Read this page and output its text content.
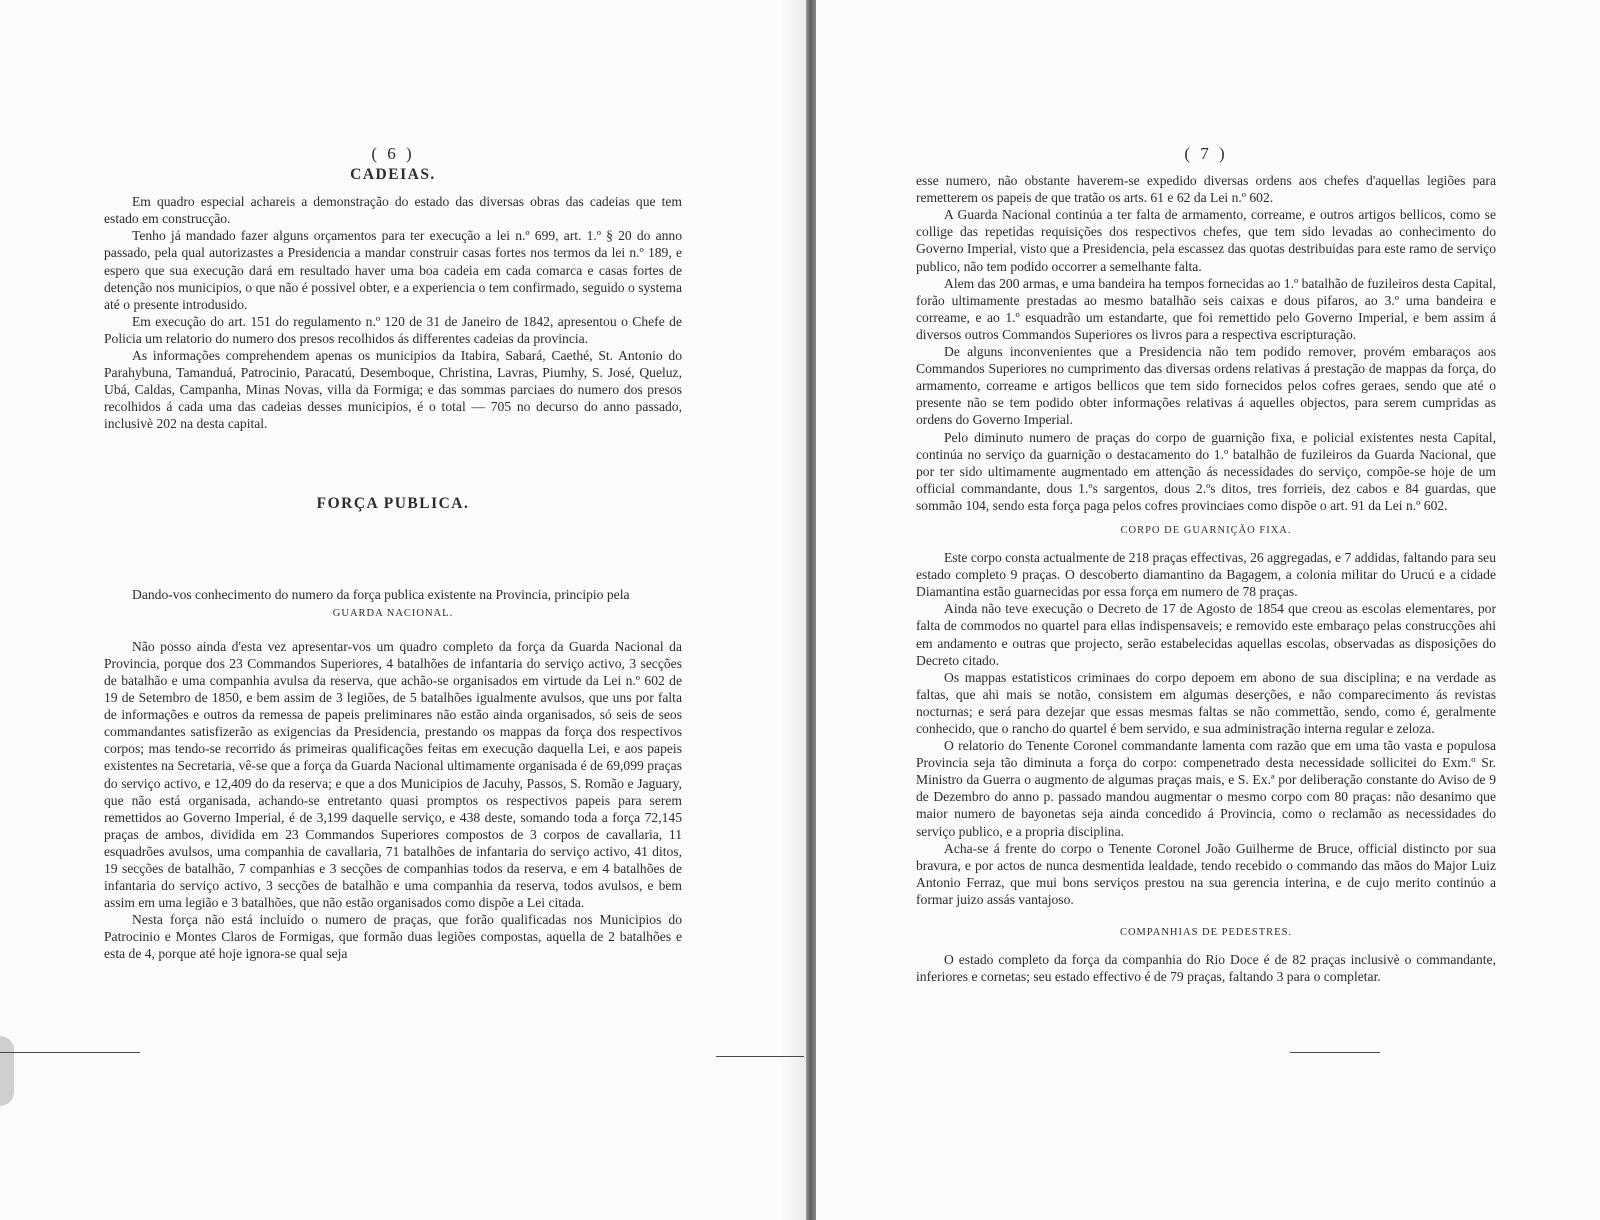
( 6 )
CADEIAS.

Em quadro especial achareis a demonstração do estado das diversas obras das cadeias que tem estado em construcção.

Tenho já mandado fazer alguns orçamentos para ter execução a lei n.º 699, art. 1.º § 20 do anno passado, pela qual autorizastes a Presidencia a mandar construir casas fortes nos termos da lei n.º 189, e espero que sua execução dará em resultado haver uma boa cadeia em cada comarca e casas fortes de detenção nos municipios, o que não é possivel obter, e a experiencia o tem confirmado, seguido o systema até o presente introdusido.

Em execução do art. 151 do regulamento n.º 120 de 31 de Janeiro de 1842, apresentou o Chefe de Policia um relatorio do numero dos presos recolhidos ás differentes cadeias da provincia.

As informações comprehendem apenas os municipios da Itabira, Sabará, Caethé, St. Antonio do Parahybuna, Tamanduá, Patrocinio, Paracatú, Desemboque, Christina, Lavras, Piumhy, S. José, Queluz, Ubá, Caldas, Campanha, Minas Novas, villa da Formiga; e das sommas parciaes do numero dos presos recolhidos á cada uma das cadeias desses municipios, é o total — 705 no decurso do anno passado, inclusivè 202 na desta capital.

FORÇA PUBLICA.

Dando-vos conhecimento do numero da força publica existente na Provincia, principio pela

GUARDA NACIONAL.

Não posso ainda d'esta vez apresentar-vos um quadro completo da força da Guarda Nacional da Provincia, porque dos 23 Commandos Superiores, 4 batalhões de infantaria do serviço activo, 3 secções de batalhão e uma companhia avulsa da reserva, que achão-se organisados em virtude da Lei n.º 602 de 19 de Setembro de 1850, e bem assim de 3 legiões, de 5 batalhões igualmente avulsos, que uns por falta de informações e outros da remessa de papeis preliminares não estão ainda organisados, só seis de seos commandantes satisfizerão as exigencias da Presidencia, prestando os mappas da força dos respectivos corpos; mas tendo-se recorrido ás primeiras qualificações feitas em execução daquella Lei, e aos papeis existentes na Secretaria, vê-se que a força da Guarda Nacional ultimamente organisada é de 69,099 praças do serviço activo, e 12,409 do da reserva; e que a dos Municipios de Jacuhy, Passos, S. Romão e Jaguary, que não está organisada, achando-se entretanto quasi promptos os respectivos papeis para serem remettidos ao Governo Imperial, é de 3,199 daquelle serviço, e 438 deste, somando toda a força 72,145 praças de ambos, dividida em 23 Commandos Superiores compostos de 3 corpos de cavallaria, 11 esquadrões avulsos, uma companhia de cavallaria, 71 batalhões de infantaria do serviço activo, 41 ditos, 19 secções de batalhão, 7 companhias e 3 secções de companhias todos da reserva, e em 4 batalhões de infantaria do serviço activo, 3 secções de batalhão e uma companhia da reserva, todos avulsos, e bem assim em uma legião e 3 batalhões, que não estão organisados como dispõe a Lei citada.

Nesta força não está incluido o numero de praças, que forão qualificadas nos Municipios do Patrocinio e Montes Claros de Formigas, que formão duas legiões compostas, aquella de 2 batalhões e esta de 4, porque até hoje ignora-se qual seja

( 7 )

esse numero, não obstante haverem-se expedido diversas ordens aos chefes d'aquellas legiões para remetterem os papeis de que tratão os arts. 61 e 62 da Lei n.º 602.

A Guarda Nacional continúa a ter falta de armamento, correame, e outros artigos bellicos, como se collige das repetidas requisições dos respectivos chefes, que tem sido levadas ao conhecimento do Governo Imperial, visto que a Presidencia, pela escassez das quotas destribuidas para este ramo de serviço publico, não tem podido occorrer a semelhante falta.

Alem das 200 armas, e uma bandeira ha tempos fornecidas ao 1.º batalhão de fuzileiros desta Capital, forão ultimamente prestadas ao mesmo batalhão seis caixas e dous pifaros, ao 3.º uma bandeira e correame, e ao 1.º esquadrão um estandarte, que foi remettido pelo Governo Imperial, e bem assim á diversos outros Commandos Superiores os livros para a respectiva escripturação.

De alguns inconvenientes que a Presidencia não tem podido remover, provém embaraços aos Commandos Superiores no cumprimento das diversas ordens relativas á prestação de mappas da força, do armamento, correame e artigos bellicos que tem sido fornecidos pelos cofres geraes, sendo que até o presente não se tem podido obter informações relativas á aquelles objectos, para serem cumpridas as ordens do Governo Imperial.

Pelo diminuto numero de praças do corpo de guarnição fixa, e policial existentes nesta Capital, continúa no serviço da guarnição o destacamento do 1.º batalhão de fuzileiros da Guarda Nacional, que por ter sido ultimamente augmentado em attenção ás necessidades do serviço, compõe-se hoje de um official commandante, dous 1.ºs sargentos, dous 2.ºs ditos, tres forrieis, dez cabos e 84 guardas, que sommão 104, sendo esta força paga pelos cofres provinciaes como dispõe o art. 91 da Lei n.º 602.

CORPO DE GUARNIÇÃO FIXA.

Este corpo consta actualmente de 218 praças effectivas, 26 aggregadas, e 7 addidas, faltando para seu estado completo 9 praças. O descoberto diamantino da Bagagem, a colonia militar do Urucú e a cidade Diamantina estão guarnecidas por essa força em numero de 78 praças.

Ainda não teve execução o Decreto de 17 de Agosto de 1854 que creou as escolas elementares, por falta de commodos no quartel para ellas indispensaveis; e removido este embaraço pelas construcções ahi em andamento e outras que projecto, serão estabelecidas aquellas escolas, observadas as disposições do Decreto citado.

Os mappas estatisticos criminaes do corpo depoem em abono de sua disciplina; e na verdade as faltas, que ahi mais se notão, consistem em algumas deserções, e não comparecimento ás revistas nocturnas; e será para dezejar que essas mesmas faltas se não commettão, sendo, como é, geralmente conhecido, que o rancho do quartel é bem servido, e sua administração interna regular e zeloza.

O relatorio do Tenente Coronel commandante lamenta com razão que em uma tão vasta e populosa Provincia seja tão diminuta a força do corpo: compenetrado desta necessidade sollicitei do Exm.º Sr. Ministro da Guerra o augmento de algumas praças mais, e S. Ex.ª por deliberação constante do Aviso de 9 de Dezembro do anno p. passado mandou augmentar o mesmo corpo com 80 praças: não desanimo que maior numero de bayonetas seja ainda concedido á Provincia, como o reclamão as necessidades do serviço publico, e a propria disciplina.

Acha-se á frente do corpo o Tenente Coronel João Guilherme de Bruce, official distincto por sua bravura, e por actos de nunca desmentida lealdade, tendo recebido o commando das mãos do Major Luiz Antonio Ferraz, que mui bons serviços prestou na sua gerencia interina, e de cujo merito continúo a formar juizo assás vantajoso.

COMPANHIAS DE PEDESTRES.

O estado completo da força da companhia do Rio Doce é de 82 praças inclusivè o commandante, inferiores e cornetas; seu estado effectivo é de 79 praças, faltando 3 para o completar.
